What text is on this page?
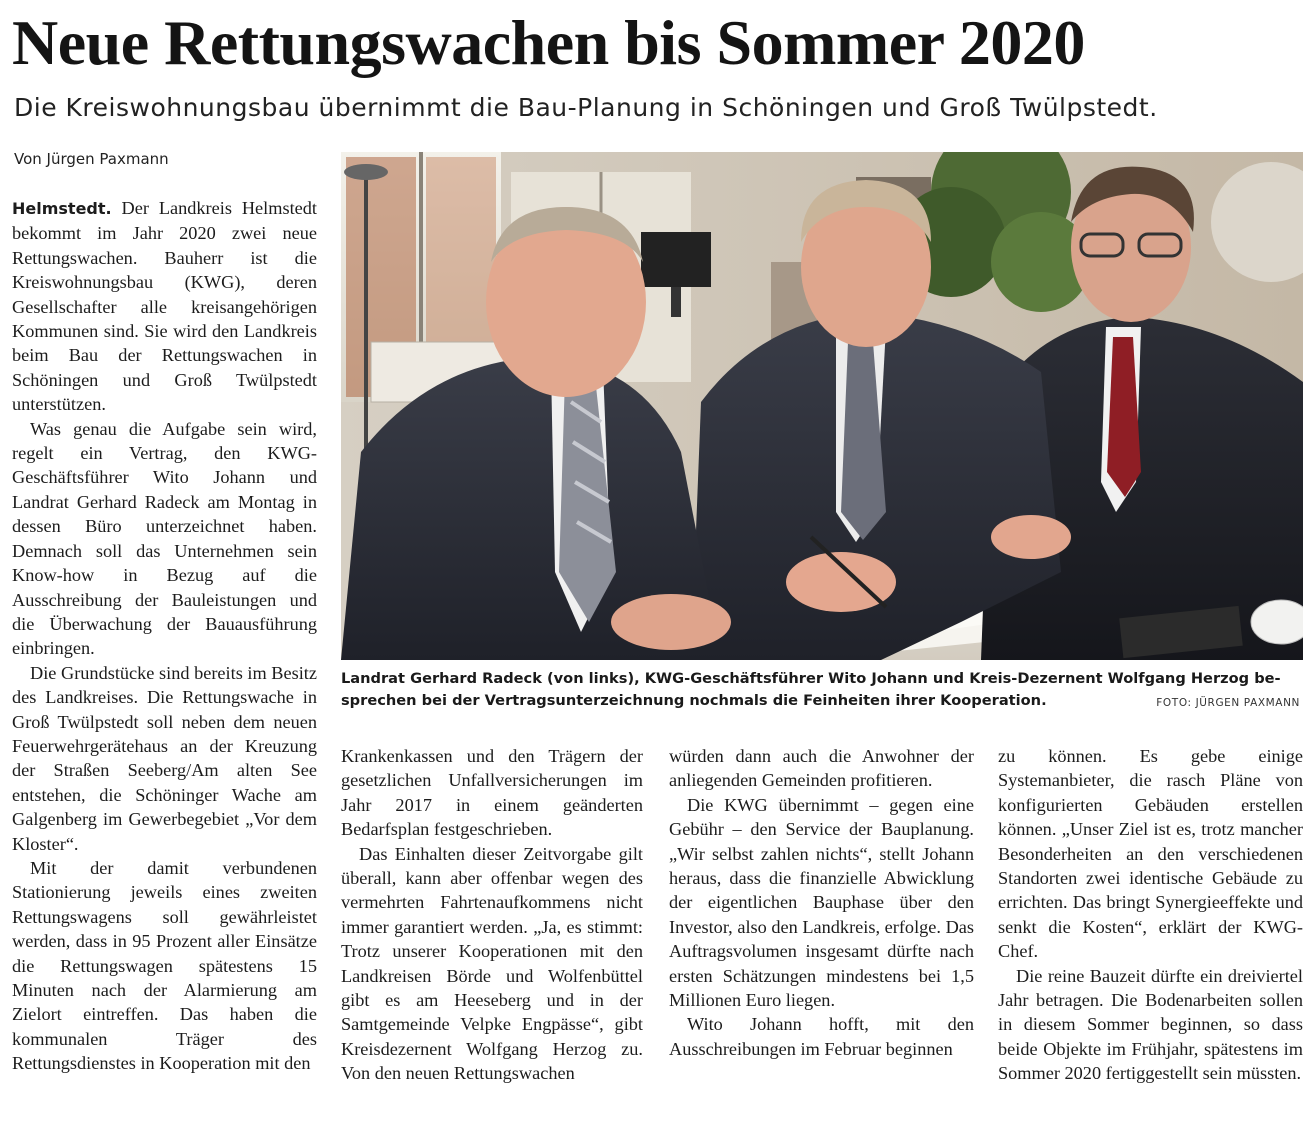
Neue Rettungswachen bis Sommer 2020
Die Kreiswohnungsbau übernimmt die Bau-Planung in Schöningen und Groß Twülpstedt.
Von Jürgen Paxmann

Helmstedt. Der Landkreis Helmstedt bekommt im Jahr 2020 zwei neue Rettungswachen. Bauherr ist die Kreiswohnungsbau (KWG), deren Gesellschafter alle kreisangehörigen Kommunen sind. Sie wird den Landkreis beim Bau der Rettungswachen in Schöningen und Groß Twülpstedt unterstützen.

Was genau die Aufgabe sein wird, regelt ein Vertrag, den KWG-Geschäftsführer Wito Johann und Landrat Gerhard Radeck am Montag in dessen Büro unterzeichnet haben. Demnach soll das Unternehmen sein Know-how in Bezug auf die Ausschreibung der Bauleistungen und die Überwachung der Bauausführung einbringen.

Die Grundstücke sind bereits im Besitz des Landkreises. Die Rettungswache in Groß Twülpstedt soll neben dem neuen Feuerwehrgerätehaus an der Kreuzung der Straßen Seeberg/Am alten See entstehen, die Schöninger Wache am Galgenberg im Gewerbegebiet „Vor dem Kloster“.

Mit der damit verbundenen Stationierung jeweils eines zweiten Rettungswagens soll gewährleistet werden, dass in 95 Prozent aller Einsätze die Rettungswagen spätestens 15 Minuten nach der Alarmierung am Zielort eintreffen. Das haben die kommunalen Träger des Rettungsdienstes in Kooperation mit den

Landrat Gerhard Radeck (von links), KWG-Geschäftsführer Wito Johann und Kreis-Dezernent Wolfgang Herzog be-
sprechen bei der Vertragsunterzeichnung nochmals die Feinheiten ihrer Kooperation.	FOTO: JÜRGEN PAXMANN

Krankenkassen und den Trägern der gesetzlichen Unfallversicherungen im Jahr 2017 in einem geänderten Bedarfsplan festgeschrieben.

Das Einhalten dieser Zeitvorgabe gilt überall, kann aber offenbar wegen des vermehrten Fahrtenaufkommens nicht immer garantiert werden. „Ja, es stimmt: Trotz unserer Kooperationen mit den Landkreisen Börde und Wolfenbüttel gibt es am Heeseberg und in der Samtgemeinde Velpke Engpässe“, gibt Kreisdezernent Wolfgang Herzog zu. Von den neuen Rettungswachen

würden dann auch die Anwohner der anliegenden Gemeinden profitieren.

Die KWG übernimmt – gegen eine Gebühr – den Service der Bauplanung. „Wir selbst zahlen nichts“, stellt Johann heraus, dass die finanzielle Abwicklung der eigentlichen Bauphase über den Investor, also den Landkreis, erfolge. Das Auftragsvolumen insgesamt dürfte nach ersten Schätzungen mindestens bei 1,5 Millionen Euro liegen.

Wito Johann hofft, mit den Ausschreibungen im Februar beginnen

zu können. Es gebe einige Systemanbieter, die rasch Pläne von konfigurierten Gebäuden erstellen können. „Unser Ziel ist es, trotz mancher Besonderheiten an den verschiedenen Standorten zwei identische Gebäude zu errichten. Das bringt Synergieeffekte und senkt die Kosten“, erklärt der KWG-Chef.

Die reine Bauzeit dürfte ein dreiviertel Jahr betragen. Die Bodenarbeiten sollen in diesem Sommer beginnen, so dass beide Objekte im Frühjahr, spätestens im Sommer 2020 fertiggestellt sein müssten.
